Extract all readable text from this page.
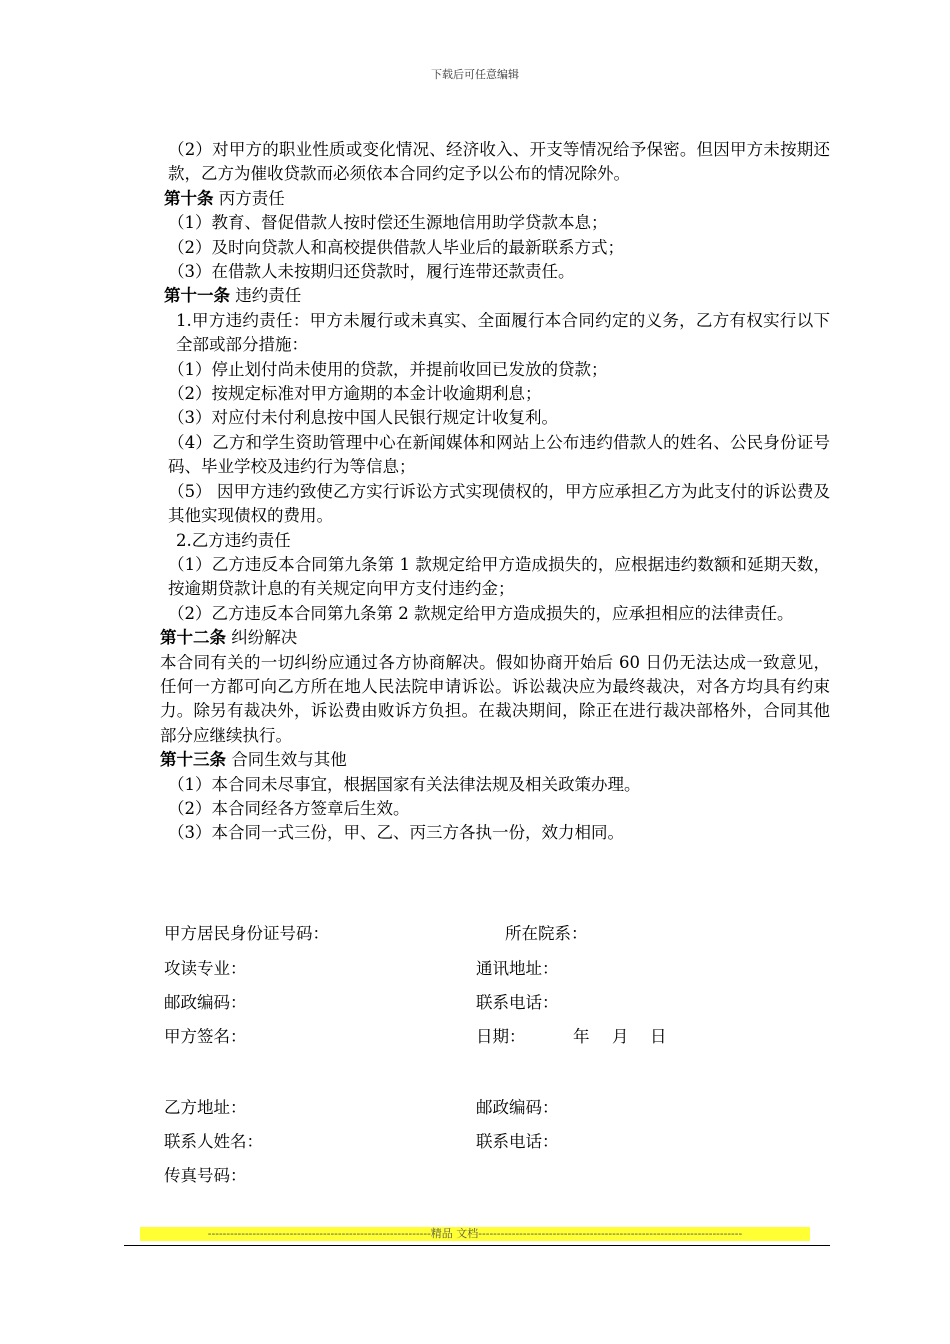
下载后可任意编辑

（2）对甲方的职业性质或变化情况、经济收入、开支等情况给予保密。但因甲方未按期还款，乙方为催收贷款而必须依本合同约定予以公布的情况除外。

第十条 丙方责任

（1）教育、督促借款人按时偿还生源地信用助学贷款本息；

（2）及时向贷款人和高校提供借款人毕业后的最新联系方式；

（3）在借款人未按期归还贷款时，履行连带还款责任。

第十一条 违约责任

1.甲方违约责任：甲方未履行或未真实、全面履行本合同约定的义务，乙方有权实行以下全部或部分措施：

（1）停止划付尚未使用的贷款，并提前收回已发放的贷款；

（2）按规定标准对甲方逾期的本金计收逾期利息；

（3）对应付未付利息按中国人民银行规定计收复利。

（4）乙方和学生资助管理中心在新闻媒体和网站上公布违约借款人的姓名、公民身份证号码、毕业学校及违约行为等信息；

（5） 因甲方违约致使乙方实行诉讼方式实现债权的，甲方应承担乙方为此支付的诉讼费及其他实现债权的费用。

2.乙方违约责任

（1）乙方违反本合同第九条第 1 款规定给甲方造成损失的，应根据违约数额和延期天数，按逾期贷款计息的有关规定向甲方支付违约金；

（2）乙方违反本合同第九条第 2 款规定给甲方造成损失的，应承担相应的法律责任。

第十二条 纠纷解决

本合同有关的一切纠纷应通过各方协商解决。假如协商开始后 60 日仍无法达成一致意见，任何一方都可向乙方所在地人民法院申请诉讼。诉讼裁决应为最终裁决，对各方均具有约束力。除另有裁决外，诉讼费由败诉方负担。在裁决期间，除正在进行裁决部格外，合同其他部分应继续执行。

第十三条 合同生效与其他

（1）本合同未尽事宜，根据国家有关法律法规及相关政策办理。

（2）本合同经各方签章后生效。

（3）本合同一式三份，甲、乙、丙三方各执一份，效力相同。

甲方居民身份证号码：	所在院系：
攻读专业：	通讯地址：
邮政编码：	联系电话：
甲方签名：	日期：	年 月 日
乙方地址：	邮政编码：
联系人姓名：	联系电话：
传真号码：
------------------------------------------------------------精品 文档-----------------------------------------------------------------------
